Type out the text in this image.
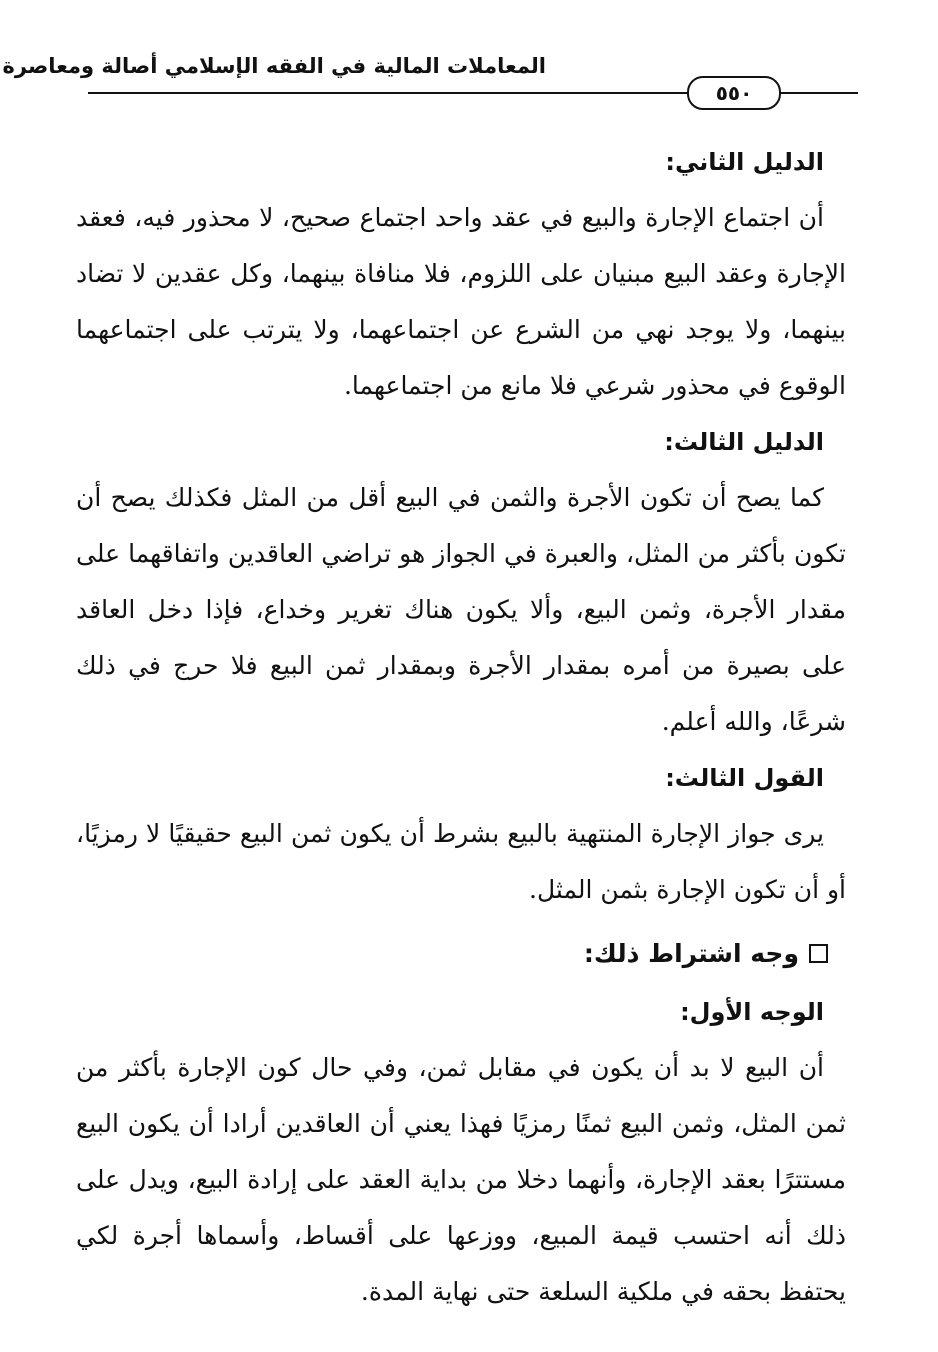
المعاملات المالية في الفقه الإسلامي أصالة ومعاصرة
٥٥٠

الدليل الثاني:

أن اجتماع الإجارة والبيع في عقد واحد اجتماع صحيح، لا محذور فيه، فعقد الإجارة وعقد البيع مبنيان على اللزوم، فلا منافاة بينهما، وكل عقدين لا تضاد بينهما، ولا يوجد نهي من الشرع عن اجتماعهما، ولا يترتب على اجتماعهما الوقوع في محذور شرعي فلا مانع من اجتماعهما.

الدليل الثالث:

كما يصح أن تكون الأجرة والثمن في البيع أقل من المثل فكذلك يصح أن تكون بأكثر من المثل، والعبرة في الجواز هو تراضي العاقدين واتفاقهما على مقدار الأجرة، وثمن البيع، وألا يكون هناك تغرير وخداع، فإذا دخل العاقد على بصيرة من أمره بمقدار الأجرة وبمقدار ثمن البيع فلا حرج في ذلك شرعًا، والله أعلم.

القول الثالث:

يرى جواز الإجارة المنتهية بالبيع بشرط أن يكون ثمن البيع حقيقيًا لا رمزيًا، أو أن تكون الإجارة بثمن المثل.

وجه اشتراط ذلك:

الوجه الأول:

أن البيع لا بد أن يكون في مقابل ثمن، وفي حال كون الإجارة بأكثر من ثمن المثل، وثمن البيع ثمنًا رمزيًا فهذا يعني أن العاقدين أرادا أن يكون البيع مستترًا بعقد الإجارة، وأنهما دخلا من بداية العقد على إرادة البيع، ويدل على ذلك أنه احتسب قيمة المبيع، ووزعها على أقساط، وأسماها أجرة لكي يحتفظ بحقه في ملكية السلعة حتى نهاية المدة.
